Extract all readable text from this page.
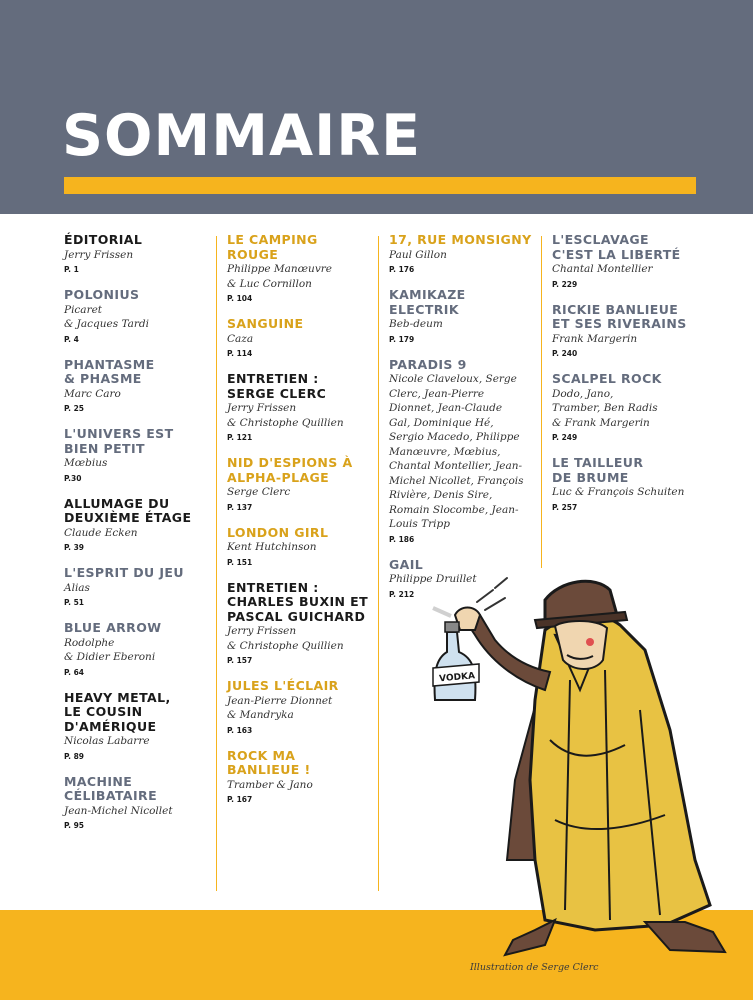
SOMMAIRE
ÉDITORIAL
Jerry Frissen
P. 1
POLONIUS
Picaret
& Jacques Tardi
P. 4
PHANTASME
& PHASME
Marc Caro
P. 25
L'UNIVERS EST
BIEN PETIT
Mœbius
P.30
ALLUMAGE DU
DEUXIÈME ÉTAGE
Claude Ecken
P. 39
L'ESPRIT DU JEU
Alias
P. 51
BLUE ARROW
Rodolphe
& Didier Eberoni
P. 64
HEAVY METAL,
LE COUSIN
D'AMÉRIQUE
Nicolas Labarre
P. 89
MACHINE
CÉLIBATAIRE
Jean-Michel Nicollet
P. 95
LE CAMPING
ROUGE
Philippe Manœuvre
& Luc Cornillon
P. 104
SANGUINE
Caza
P. 114
ENTRETIEN :
SERGE CLERC
Jerry Frissen
& Christophe Quillien
P. 121
NID D'ESPIONS À
ALPHA-PLAGE
Serge Clerc
P. 137
LONDON GIRL
Kent Hutchinson
P. 151
ENTRETIEN :
CHARLES BUXIN ET
PASCAL GUICHARD
Jerry Frissen
& Christophe Quillien
P. 157
JULES L'ÉCLAIR
Jean-Pierre Dionnet
& Mandryka
P. 163
ROCK MA
BANLIEUE !
Tramber & Jano
P. 167
17, RUE MONSIGNY
Paul Gillon
P. 176
KAMIKAZE
ELECTRIK
Beb-deum
P. 179
PARADIS 9
Nicole Claveloux, Serge
Clerc, Jean-Pierre
Dionnet, Jean-Claude
Gal, Dominique Hé,
Sergio Macedo, Philippe
Manœuvre, Mœbius,
Chantal Montellier, Jean-
Michel Nicollet, François
Rivière, Denis Sire,
Romain Slocombe, Jean-
Louis Tripp
P. 186
GAIL
Philippe Druillet
P. 212
L'ESCLAVAGE
C'EST LA LIBERTÉ
Chantal Montellier
P. 229
RICKIE BANLIEUE
ET SES RIVERAINS
Frank Margerin
P. 240
SCALPEL ROCK
Dodo, Jano,
Tramber, Ben Radis
& Frank Margerin
P. 249
LE TAILLEUR
DE BRUME
Luc & François Schuiten
P. 257
VODKA
Illustration de Serge Clerc
